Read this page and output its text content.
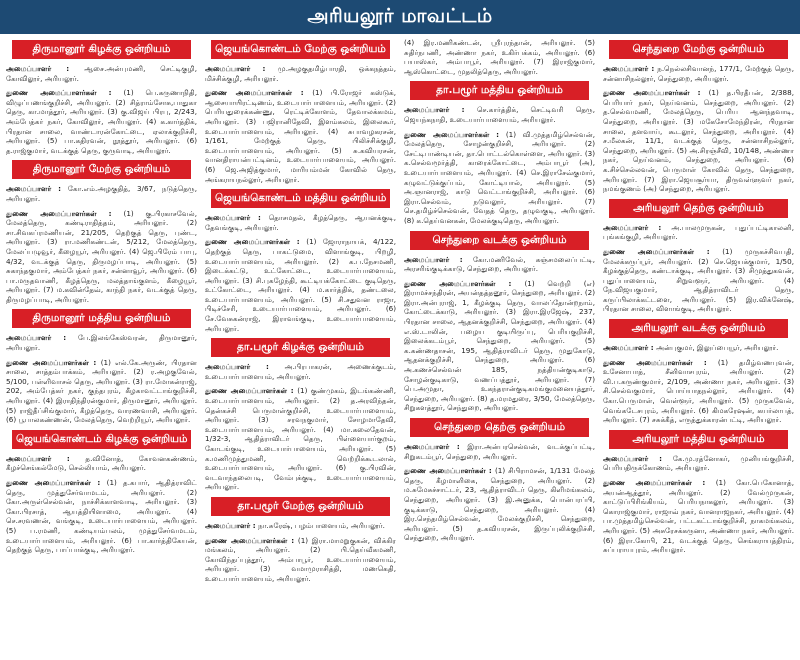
அரியலூர் மாவட்டம்
திருமானூர் கிழக்கு ஒன்றியம்

அமைப்பாளர் : ஆசை.அன்புமணி, செட்டிகுழி, கோவிலூர், அரியலூர்.

துணை அமைப்பாளர்கள் : (1) பெ.கருணாநிதி, விழுப்பணங்குறிச்சி, அரியலூர். (2) சித்ராம்சோசு,பாதுகா தெரு, கா.மாத்தூர், அரியலூர். (3) கு.விஜய் பிரபு, 2/243, அம்பேத்கர் நகர், கோவிலூர், அரியலூர். (4) க.கார்த்திக், பிரதான சாலை, வாண்டாரன்கோட்டை, ஏலாக்குறிச்சி, அரியலூர். (5) பா.கதிரவன், நூத்தூர், அரியலூர். (6) த.ராஜ்குமார், வடக்குத் தெரு, குருவாடி, அரியலூர்.

திருமானூர் மேற்கு ஒன்றியம்

அமைப்பாளர் : கோ.எம்.அழகுதித், 3/67, நடுத்தெரு, அரியலூர்.

துணை அமைப்பாளர்கள் : (1) கு.பிரகாசவேல், மேலத்தெரு, கண்டிராதித்தம், அரியலூர். (2) சா.சிவகப்ரமணியன், 21/205, தெற்குத் தெரு, புண்ட, அரியலூர். (3) ரா.மணிகண்டன், 5/212, மேலத்தெரு, மேலப்பழுவூர், கீழையூர், அரியலூர். (4) ஜெ.பிரேம் பாபு, 4/32, வடக்குத் தெரு, திருமழப்பாடி, அரியலூர். (5) சுகாந்தகுமார், அம்பேத்கர் நகர், சன்னாவூர், அரியலூர். (6) பா.மருதவாணி, கீழத்தெரு, மலத்தாங்குளம், கீழையூர், அரியலூர். (7) ம.கவின்தேவ், காந்தி நகர், வடக்குத் தெரு, திருமழப்பாடி, அரியலூர்.

திருமானூர் மத்திய ஒன்றியம்

அமைப்பாளர் : பே.இலங்கேஸ்வரன், திருமானூர், அரியலூர்.

துணை அமைப்பாளர்கள் : (1) எல்.கே.அருண், பிரதான சாலை, சாத்தம்பாக்கம், அரியலூர். (2) ர.அழகுவேல், 5/100, பள்ளிவாசல் தெரு, அரியலூர். (3) ரா.மோகன்ராஜ், 202, அம்பேத்கர் நகர், குந்தபுரம், கீழகாவட்டாங்குறிச்சி, அரியலூர். (4) இராதிந்திரன்குமார், திருமானூர், அரியலூர். (5) ராஜ்தீப்சிங்குமார், கீழத்தெரு, வாரணவாசி, அரியலூர். (6) பூபாலகண்ணன், மேலத்தெரு, வெற்றியூர், அரியலூர்.

ஜெயங்கொண்டம் கிழக்கு ஒன்றியம்

அமைப்பாளர் : த.வினோத், கோவனகண்ணம், கீழச்செங்கல்மேடு, செல்லியாம், அரியலூர்.

துணை அமைப்பாளர்கள் : (1) த.கபார், ஆதித்ராவிட் தெரு, முத்துசேர்வாமடம், அரியலூர். (2) கோ.அருள்செல்வன், நாச்சிக்காளவாடி, அரியலூர். (3) கோ.பிரசாத், ஆயத்தியிளாமை, அரியலூர். (4) செ.சரவணன், வங்குடி, உடையார்பாளையம், அரியலூர். (5) ப.ரமணி, கண்டியம்பலம், முத்துசேர்வமடம், உடையார்பாளையம், அரியலூர். (6) பா.கார்த்திகேயன், தெற்குத் தெரு, பாப்பாக்குடி, அரியலூர்.

ஜெயங்கொண்டம் மேற்கு ஒன்றியம்

அமைப்பாளர் : மு.அழகுதமிழ்பாரதி, ஒக்கநத்தம், மிச்சிக்குழி, அரியலூர்.

துணை அமைப்பாளர்கள் : (1) பி.ரோஜர் கஸ்டுக், ஆசையாயிரட்டிணம், உடையார்பாளையம், அரியலூர். (2) பெரியதுரைக்கண்ணு, ரெட்டிக்கோளம், தேவாலக்கமம், அரியலூர். (3) பஜிரானிதேவி, இளம்கலம், இலைகூர், உடையார்பாளையம், அரியலூர். (4) சுபாவழகரசன், 1/161, மேற்குத் தெரு, பிலிச்சிக்குழி, உடையார்பாளையம், அரியலூர். (5) சு.கவியரசன், வானதிராயன்பட்டினம், உடையார்பாளையம், அரியலூர். (6) ஜெ.அஜித்குமார், மாரியம்மன் கோவில் தெரு, அங்கராயநல்லூர், அரியலூர்.

ஜெயங்கொண்டம் மத்திய ஒன்றியம்

அமைப்பாளர் : தொசமதல், கீழத்தெரு, ஆயனக்குடி, தேவங்குடி, அரியலூர்.

துணை அமைப்பாளர்கள் : (1) ஜோராநாயக், 4/122, தெற்குத் தெரு, பாகட்டுமை, விளாங்குடி, பிறழி, உடையார்பாளையம், அரியலூர். (2) க.ப.நேசமணி, இடைக்கட்டு, உட்கோட்டை, உடையார்பாளையம், அரியலூர். (3) சி.புகழேந்தி, கூட்டியக்கோட்டை குடிதெரு, உட்கோட்டை, அரியலூர். (4) ம.கார்த்திக், தண்டலை, உடையார்பாளையம், அரியலூர். (5) சி.சதுவன ராஜா, பிடிச்சேரி, உடையார்பாளையம், அரியலூர். (6) சே.வேசுகன்ராஜ், இராவங்குடி, உடையார்பாளையம், அரியலூர்.

தா.பழூர் கிழக்கு ஒன்றியம்

அமைப்பாளர் : அ.பிரபாகரன், அணைக்குடம், உடையார்பாளையம், அரியலூர்.

துணை அமைப்பாளர்கள் : (1) குண்முகம், இடங்கண்ணி, உடையார்பாளையம், அரியலூர். (2) த.அரவிந்தன், தென்கச்சி பெருமாள்குறிச்சி, உடையார்பாளையம், அரியலூர். (3) சரவநகுமார், சோழமாதேவி, உடையார்பாளையம், அரியலூர். (4) மா.கலைதேவன், 1/32-3, ஆதித்ராவிடர் தெரு, பிள்ளையார்குறம், கோடங்குடி, உடையார்பாளையம், அரியலூர். (5) க.மணிமுத்துமணி, வெற்றிக்கூடலால், உடையார்பாளையம், அரியலூர். (6) கு.பிரவின், வடவாந்தலைபடி, வேம்புக்குடி, உடையார்பாளையம், அரியலூர்.

தா.பழூர் மேற்கு ஒன்றியம்

அமைப்பாளர் : நா.சுரேஷ், பழம்பாளையம், அரியலூர்.

துணை அமைப்பாளர்கள் : (1) இரா.மாமறுகுகன், விக்கிர மங்கலம், அரியலூர். (2) பி.தெய்வீகமணி, கோவிந்தப்புத்தூர், அம்பாபூர், உடையார்பாளையம், அரியலூர். (3) வமாமுராசித்தி, மணகெதி, உடையார்பாளையம், அரியலூர்.

(4) இர.மணிகண்டன், ஸ்ரீபுரந்தான், அரியலூர். (5) சுதிர்நபணி, அண்ணா நகர், உகிர்பக்கம், அரியலூர். (6) பயாஸ்கர், அம்பாபூர், அரியலூர். (7) இராஜ்குமார், ஆஸ்கொட்டை, முதலித்தெரு, அரியலூர்.

தா.பழூர் மத்திய ஒன்றியம்

அமைப்பாளர் : செ.கார்த்திக், செட்டிவரி தெரு, ஜெயந்கநாதி, உடையார்பாளையம், அரியலூர்.

துணை அமைப்பாளர்கள் : (1) வி.முத்தமிழ்செல்வன், மேலத்தெரு, சோழன்குறிச்சி, அரியலூர். (2) சேட்டிபாண்டியன், தா.பொட்டல்கொள்ளை, அரியலூர். (3) க.செல்வமூர்த்தி, காரைக்கோட்டை, அம்பாபூர் (அ), உடையார்பாளையம், அரியலூர். (4) செ.இராசேவ்குமார், கழுவட்டுக்குப்பம், கோட்டியால், அரியலூர். (5) அ.ஞானராஜ், காடு வெட்டாங்குறிச்சி, அரியலூர். (6) இரா.செல்வம், நடுவலூர், அரியலூர். (7) செ.தமிழ்ச்செல்வன், வேதத் தெரு, தழுவகுடி, அரியலூர். (8) க.தெய்வனகன், மேலக்குடிதெரு, அரியலூர்.

செந்துறை வடக்கு ஒன்றியம்

அமைப்பாளர் : கோ.மணிவேல், கஞ்சமலைப்பட்டி, அரசரிங்குடிக்காடு, செந்துறை, அரியலூர்.

துணை அமைப்பாளர்கள் : (1) வெற்றி (எ) இராமச்சந்திரன், அயன்தத்தனூர், செந்துறை, அரியலூர். (2) இரா.அன்புராஜ், 1, கீழக்குடி தெரு, வாலப்தோன்றநாம், கோட்டைக்காடு, அரியலூர். (3) இரா.இரஜேஷ், 237, பிரதான சாலை, ஆதனக்குறிச்சி, செந்துறை, அரியலூர். (4) எ.ஸ்.டாலின், பழைய குடியிருப்பு, பெரியகுறிச்சி, இலைக்கடம்பூர், செந்துறை, அரியலூர். (5) க.கண்ணதாசன், 195, ஆதித்ராவிடர் தெரு, முதுகோடு, ஆதனக்குறிச்சி, செந்துறை, அரியலூர். (6) அ.கணச்செல்வன் 185, நத்தியன்குடிகாடு, சோழன்குடிகாடு, வணப்பத்தூர், அரியலூர். (7) பெ.அமுதா, உகந்தரான்குடிகமங்குமனையத்தூர், செந்துறை, அரியலூர். (8) த.மரமதுரை, 3/50, மேலத்தெரு, சிறுகளத்தூர், செந்துறை, அரியலூர்.

செந்துறை தெற்கு ஒன்றியம்

அமைப்பாளர் : இரா.அன்பரசெல்வன், வடக்குப்பட்டி, சிறுகடம்பூர், செந்துறை, அரியலூர்.

துணை அமைப்பாளர்கள் : (1) சிபிராமசன், 1/131 மேலத் தெரு, கீழமாளிகை, செந்துறை, அரியலூர். (2) ம.சுமேசுச்சாட்டர், 23, ஆதித்ராவிடர் தெரு, கிளிமங்கலம், செந்துறை, அரியலூர். (3) இ.அனுக்க, பொன்பரப்பி, குடிக்காடு, செந்துறை, அரியலூர். (4) இர.செந்தமிழ்செல்வன், மேலக்குறிச்சி, செந்துறை, அரியலூர். (5) த.கவியரசன், இருப்புலிக்குறிச்சி, செந்துறை, அரியலூர்.

செந்துறை மேற்கு ஒன்றியம்

அமைப்பாளர் : ந.நெல்லசிவானந், 177/1, மேற்குத் தெரு, சன்னாசிநல்லூர், செந்துறை, அரியலூர்.

துணை அமைப்பாளர்கள் : (1) த.பிரதீபன், 2/388, பெரியார் நகர், நெய்வனம், செந்துறை, அரியலூர். (2) த.செல்வமணி, மேலத்தெரு, பெரிய ஆனந்தவாடி, செந்துறை, அரியலூர். (3) மகேசோமேந்திரன், பிரதான சாலை, தளவாய், கூடலூர், செந்துறை, அரியலூர். (4) ச.மீலகன், 11/1, வடக்குத் தெரு, சன்னாசிநல்லூர், செந்துறை, அரியலூர். (5) அ.சிரஞ்சீவி, 10/148, அண்ணா நகர், நெய்வனம், செந்துறை, அரியலூர். (6) க.சிச்செல்லவன், பெருமாள் கோவில் தெரு, செந்துறை, அரியலூர். (7) இரா.ஜெயசூர்யா, திருவள்ளுவர் நகர், நமங்குணம் (அ) செந்துறை, அரியலூர்.

அரியலூர் தெற்கு ஒன்றியம்

அமைப்பாளர் : அ.பாலமுருகன், புதுப்பட்டிகாலனி, புங்கங்குழி, அரியலூர்.

துணை அமைப்பாளர்கள் : (1) முருகச்சிவபதி, மேலக்கருப்பூர், அரியலூர். (2) செ.ஜெயக்குமார், 1/50, கீழக்குத்தெரு, கண்டாக்குடி, அரியலூர். (3) சிமுத்துகவன், புதுப்பாளையம், சிறுவளூர், அரியலூர். (4) நே.விஜயகுமார், ஆதித்ராவிடர் தெரு, கருப்பிலாக்கட்டளை, அரியலூர். (5) இர.விக்னேஷ், பிரதான சாலை, விளாங்குடி, அரியலூர்.

அரியலூர் வடக்கு ஒன்றியம்

அமைப்பாளர் : அன்புகுமர், இலுப்பையூர், அரியலூர்.

துணை அமைப்பாளர்கள் : (1) தமிழ்வணபுவன், உசேனாபாத், சீனிவாசபுரம், அரியலூர். (2) வி.ப.கருண்குமார், 2/109, அண்ணா நகர், அரியலூர். (3) சி.செல்வகுமார், பொய்யாதநல்லூர், அரியலூர். (4) கோ.பெருமாள், வெள்ளூர், அரியலூர். (5) முருகவேல், வெங்கடேசபுரம், அரியலூர். (6) கிமகரேஷன், கயர்லாபத், அரியலூர். (7) சசுக்கீத், எருத்துக்காரன்பட்டி, அரியலூர்.

அரியலூர் மத்திய ஒன்றியம்

அமைப்பாளர் : கே.மு.ரத்னோகர், முனியங்குறிச்சி, பெரியதிருக்கோணம், அரியலூர்.

துணை அமைப்பாளர்கள் : (1) கோ.பெகோனாத், அயன்ஆத்தூர், அரியலூர். (2) வேல்முருகன், காட்டுப்பிரிங்கியம், பெரியநாகலூர், அரியலூர். (3) கொராஜ்குமார், ராஜாவ் நகர், வானராஜநகர், அரியலூர். (4) பா.முத்தமிழ்செல்வன், பட்டகட்டாங்குறிச்சி, நாகமங்கலம், அரியலூர். (5) அசுரேசக்கருனா, அண்ணா நகர், அரியலூர். (6) இரா.கோபி, 21, வடக்குத் தெரு, செங்கராயத்திரம், சுப்பராயபுரம், அரியலூர்.
